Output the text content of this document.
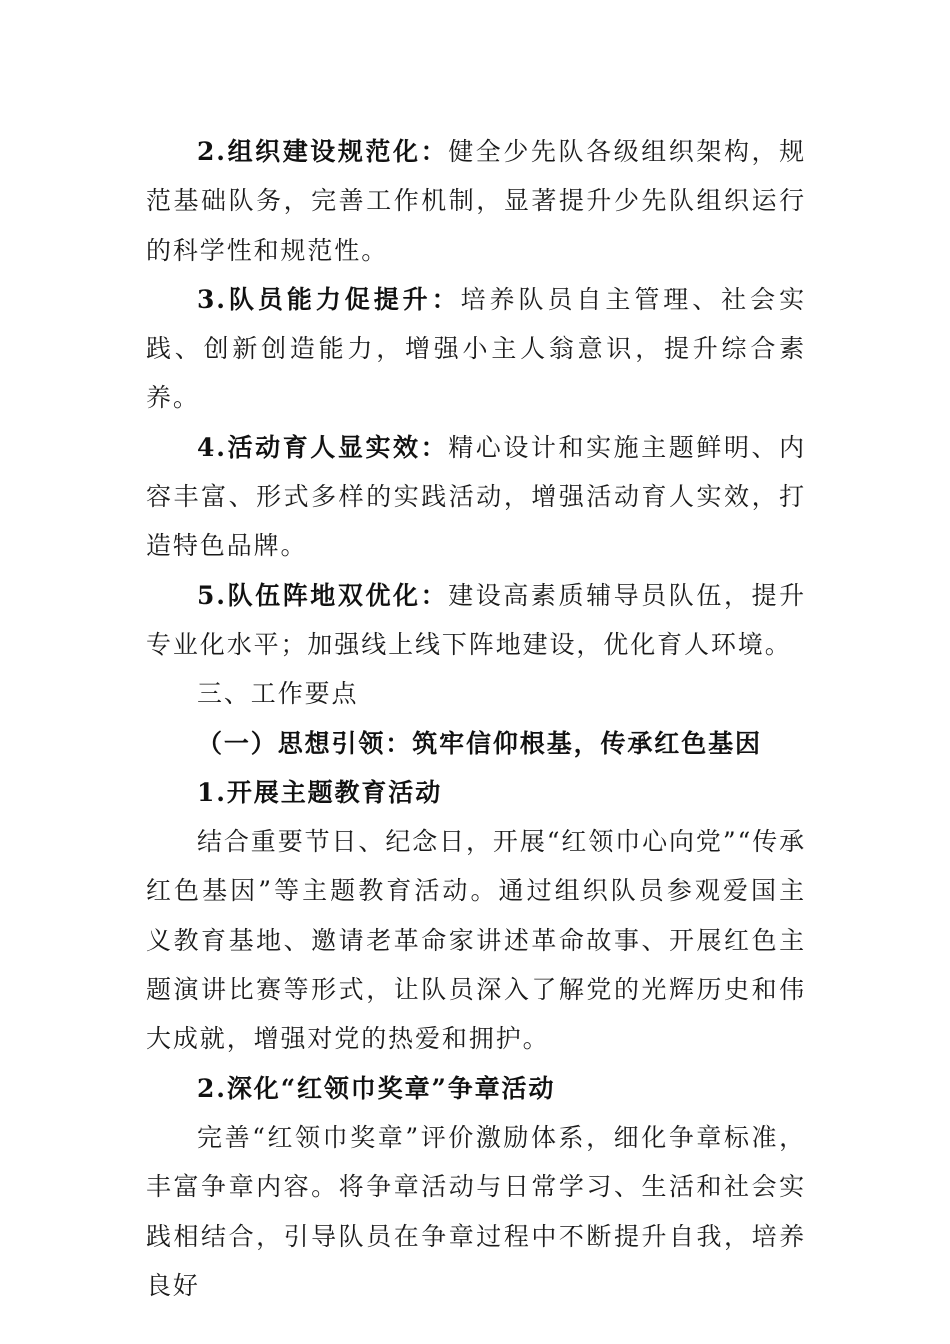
2.组织建设规范化：健全少先队各级组织架构，规范基础队务，完善工作机制，显著提升少先队组织运行的科学性和规范性。

3.队员能力促提升：培养队员自主管理、社会实践、创新创造能力，增强小主人翁意识，提升综合素养。

4.活动育人显实效：精心设计和实施主题鲜明、内容丰富、形式多样的实践活动，增强活动育人实效，打造特色品牌。

5.队伍阵地双优化：建设高素质辅导员队伍，提升专业化水平；加强线上线下阵地建设，优化育人环境。

三、工作要点

（一）思想引领：筑牢信仰根基，传承红色基因

1.开展主题教育活动

结合重要节日、纪念日，开展“红领巾心向党”“传承红色基因”等主题教育活动。通过组织队员参观爱国主义教育基地、邀请老革命家讲述革命故事、开展红色主题演讲比赛等形式，让队员深入了解党的光辉历史和伟大成就，增强对党的热爱和拥护。

2.深化“红领巾奖章”争章活动

完善“红领巾奖章”评价激励体系，细化争章标准，丰富争章内容。将争章活动与日常学习、生活和社会实践相结合，引导队员在争章过程中不断提升自我，培养良好
